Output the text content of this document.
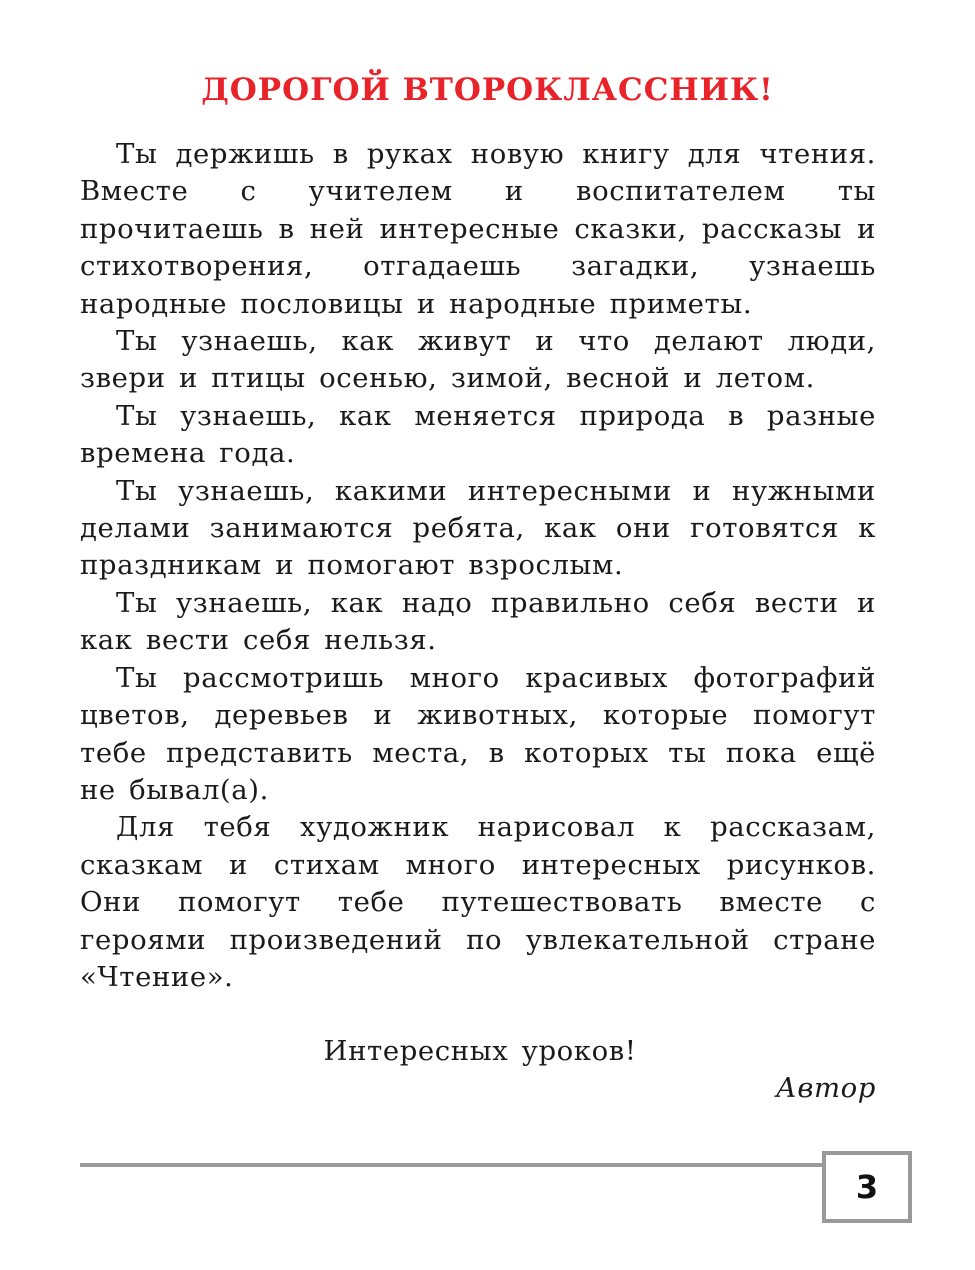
ДОРОГОЙ ВТОРОКЛАССНИК!

Ты держишь в руках новую книгу для чтения. Вместе с учителем и воспитателем ты прочитаешь в ней интересные сказки, рассказы и стихотворения, отгадаешь загадки, узнаешь народные пословицы и народные приметы.

Ты узнаешь, как живут и что делают люди, звери и птицы осенью, зимой, весной и летом.

Ты узнаешь, как меняется природа в разные времена года.

Ты узнаешь, какими интересными и нужными делами занимаются ребята, как они готовятся к праздникам и помогают взрослым.

Ты узнаешь, как надо правильно себя вести и как вести себя нельзя.

Ты рассмотришь много красивых фотографий цветов, деревьев и животных, которые помогут тебе представить места, в которых ты пока ещё не бывал(а).

Для тебя художник нарисовал к рассказам, сказкам и стихам много интересных рисунков. Они помогут тебе путешествовать вместе с героями произведений по увлекательной стране «Чтение».

Интересных уроков!
Автор
3
